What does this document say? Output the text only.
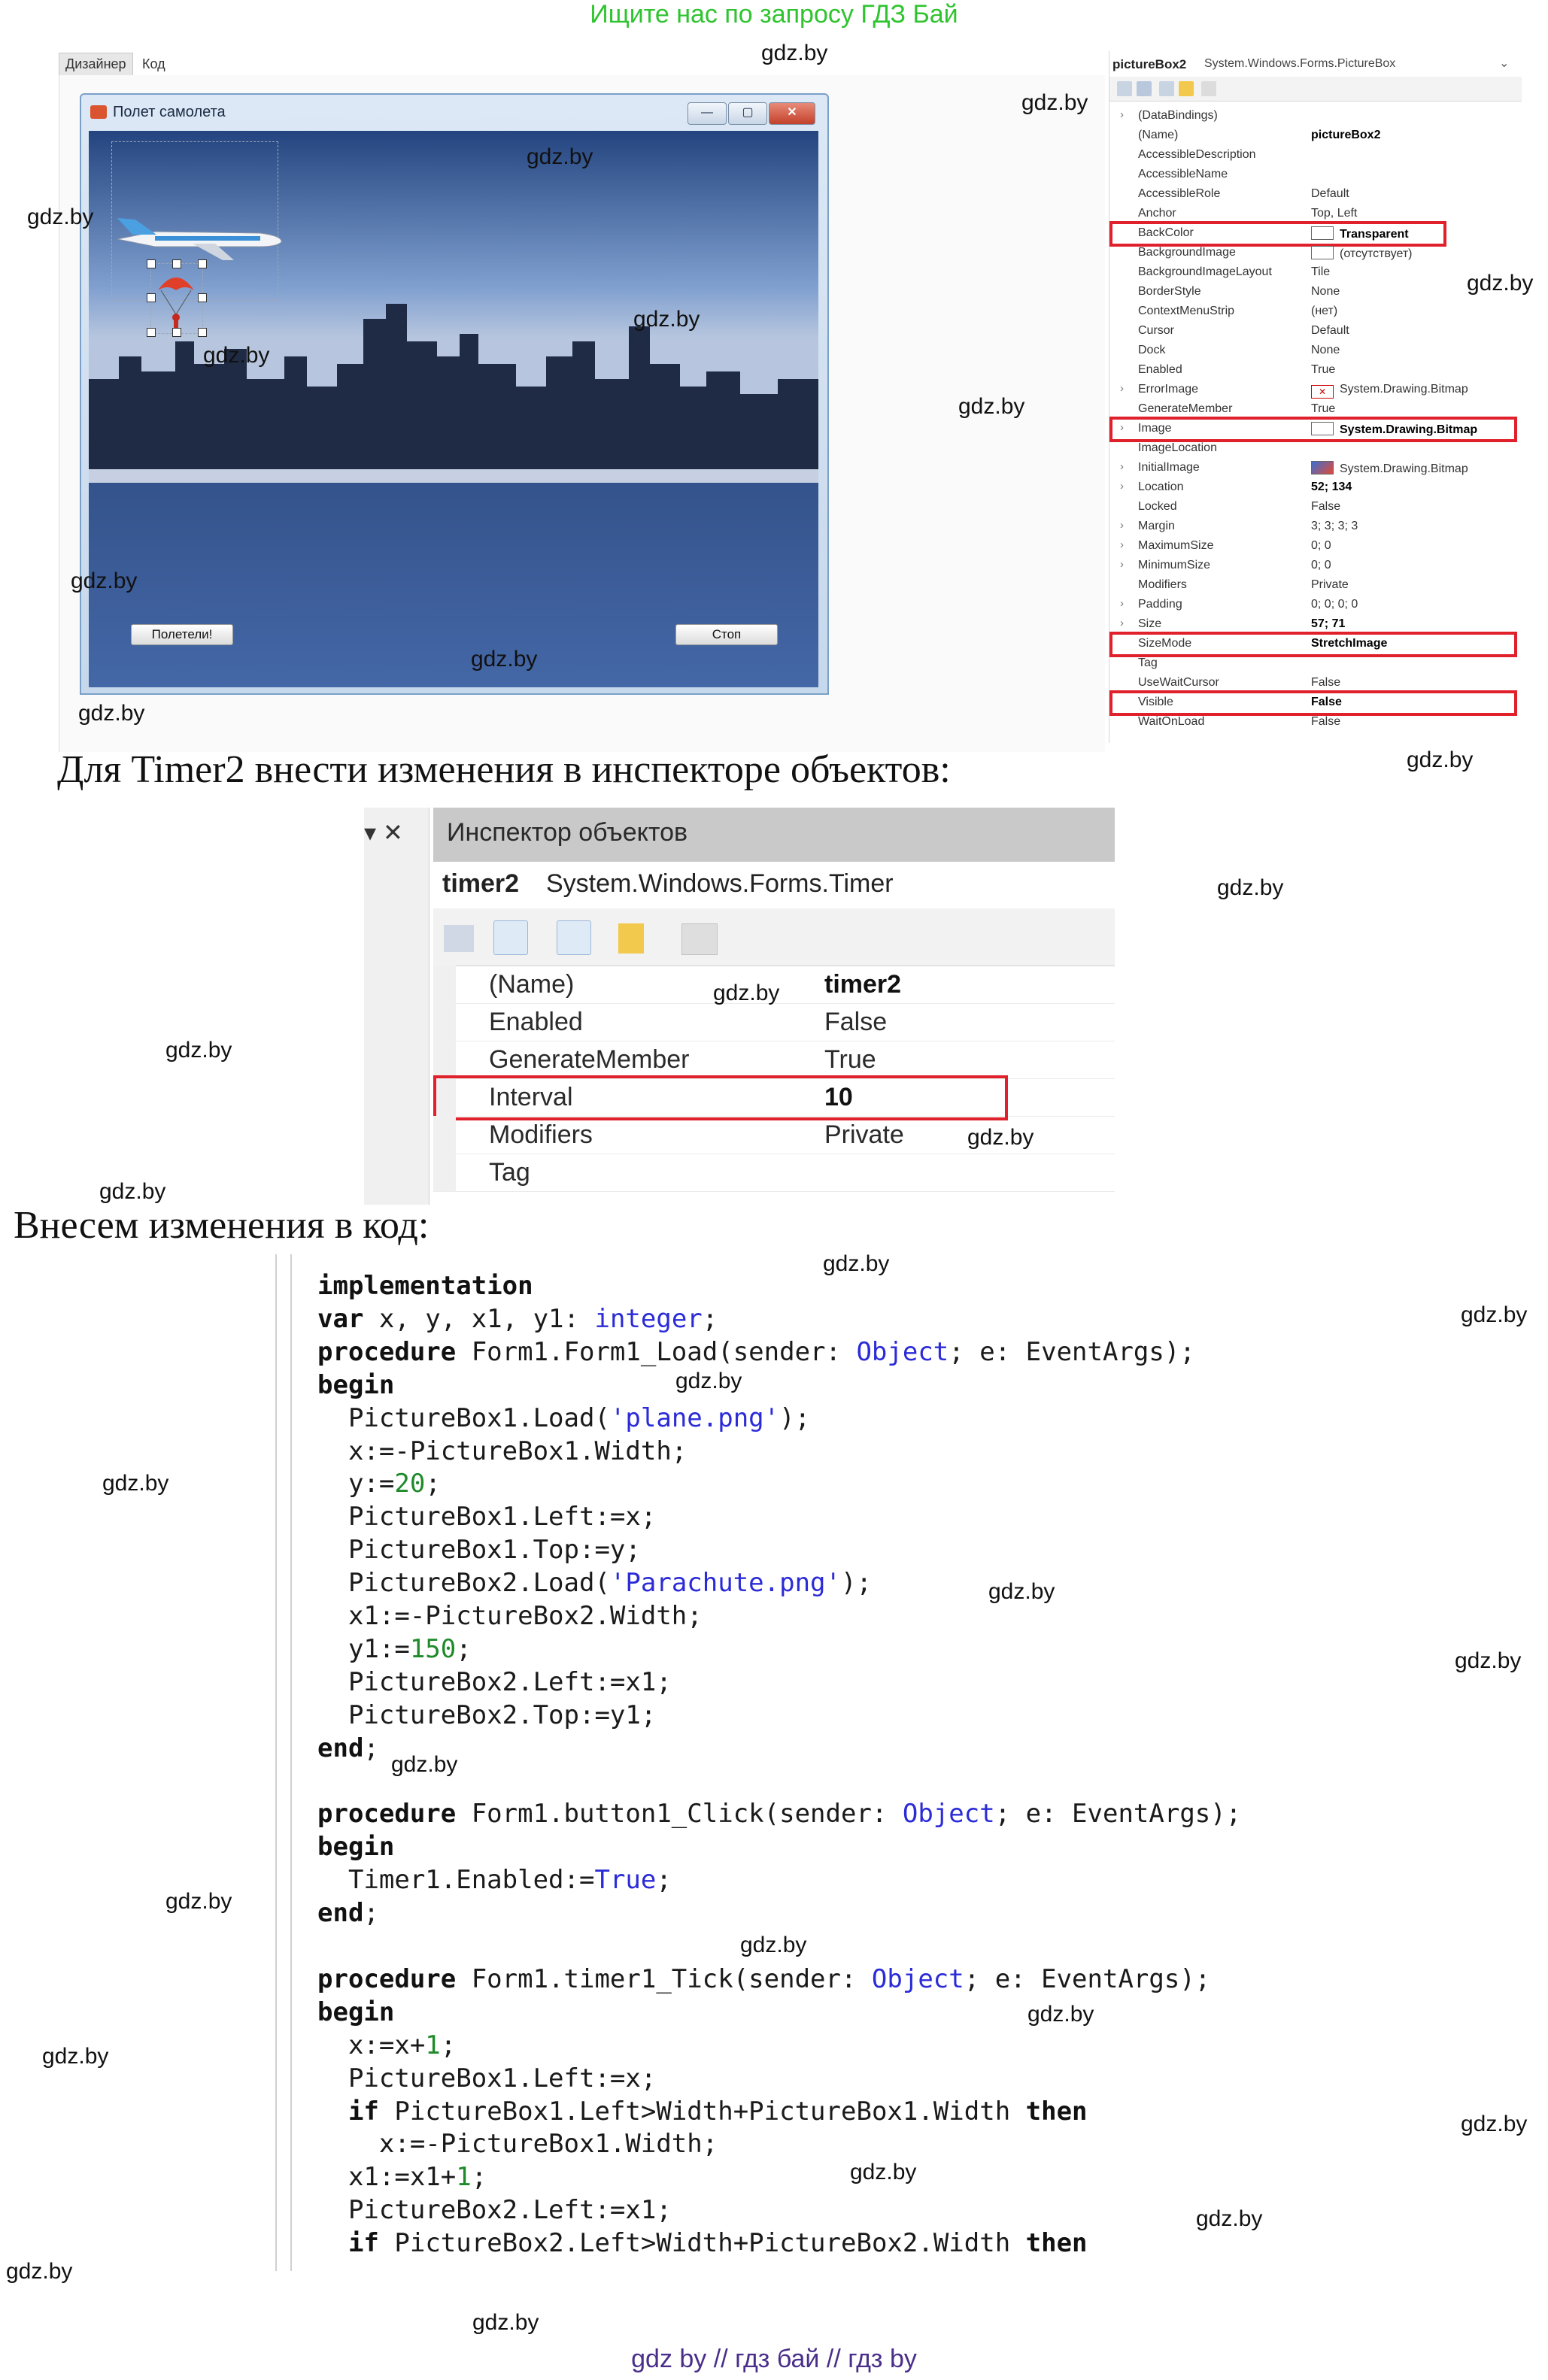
Ищите нас по запросу ГДЗ Бай
Дизайнер Код
Полет самолета	—	▢	✕
Полетели!	Стоп
pictureBox2 System.Windows.Forms.PictureBox	⌄
› (DataBindings)
(Name)	pictureBox2
AccessibleDescription
AccessibleName
AccessibleRole	Default
Anchor	Top, Left
BackColor	Transparent
BackgroundImage	(отсутствует)
BackgroundImageLayout	Tile
BorderStyle	None
ContextMenuStrip	(нет)
Cursor	Default
Dock	None
Enabled	True
› ErrorImage	✕ System.Drawing.Bitmap
GenerateMember	True
› Image	System.Drawing.Bitmap
ImageLocation
› InitialImage	System.Drawing.Bitmap
› Location	52; 134
Locked	False
› Margin	3; 3; 3; 3
› MaximumSize	0; 0
› MinimumSize	0; 0
Modifiers	Private
› Padding	0; 0; 0; 0
› Size	57; 71
SizeMode	StretchImage
Tag
UseWaitCursor	False
Visible	False
WaitOnLoad	False
Для Timer2 внести изменения в инспекторе объектов:
▾ ✕ Инспектор объектов
timer2 System.Windows.Forms.Timer
(Name)	timer2
Enabled	False
GenerateMember	True
Interval	10
Modifiers	Private
Tag
Внесем изменения в код:
implementation
var x, y, x1, y1: integer;
procedure Form1.Form1_Load(sender: Object; e: EventArgs);
begin
PictureBox1.Load('plane.png');
x:=-PictureBox1.Width;
y:=20;
PictureBox1.Left:=x;
PictureBox1.Top:=y;
PictureBox2.Load('Parachute.png');
x1:=-PictureBox2.Width;
y1:=150;
PictureBox2.Left:=x1;
PictureBox2.Top:=y1;
end;
procedure Form1.button1_Click(sender: Object; e: EventArgs);
begin
Timer1.Enabled:=True;
end;
procedure Form1.timer1_Tick(sender: Object; e: EventArgs);
begin
x:=x+1;
PictureBox1.Left:=x;
if PictureBox1.Left>Width+PictureBox1.Width then
x:=-PictureBox1.Width;
x1:=x1+1;
PictureBox2.Left:=x1;
if PictureBox2.Left>Width+PictureBox2.Width then
gdz by // гдз бай // гдз by
gdz.by
gdz.by
gdz.by
gdz.by
gdz.by
gdz.by
gdz.by
gdz.by
gdz.by
gdz.by
gdz.by
gdz.by
gdz.by
gdz.by
gdz.by
gdz.by
gdz.by
gdz.by
gdz.by
gdz.by
gdz.by
gdz.by
gdz.by
gdz.by
gdz.by
gdz.by
gdz.by
gdz.by
gdz.by
gdz.by
gdz.by
gdz.by
gdz.by
